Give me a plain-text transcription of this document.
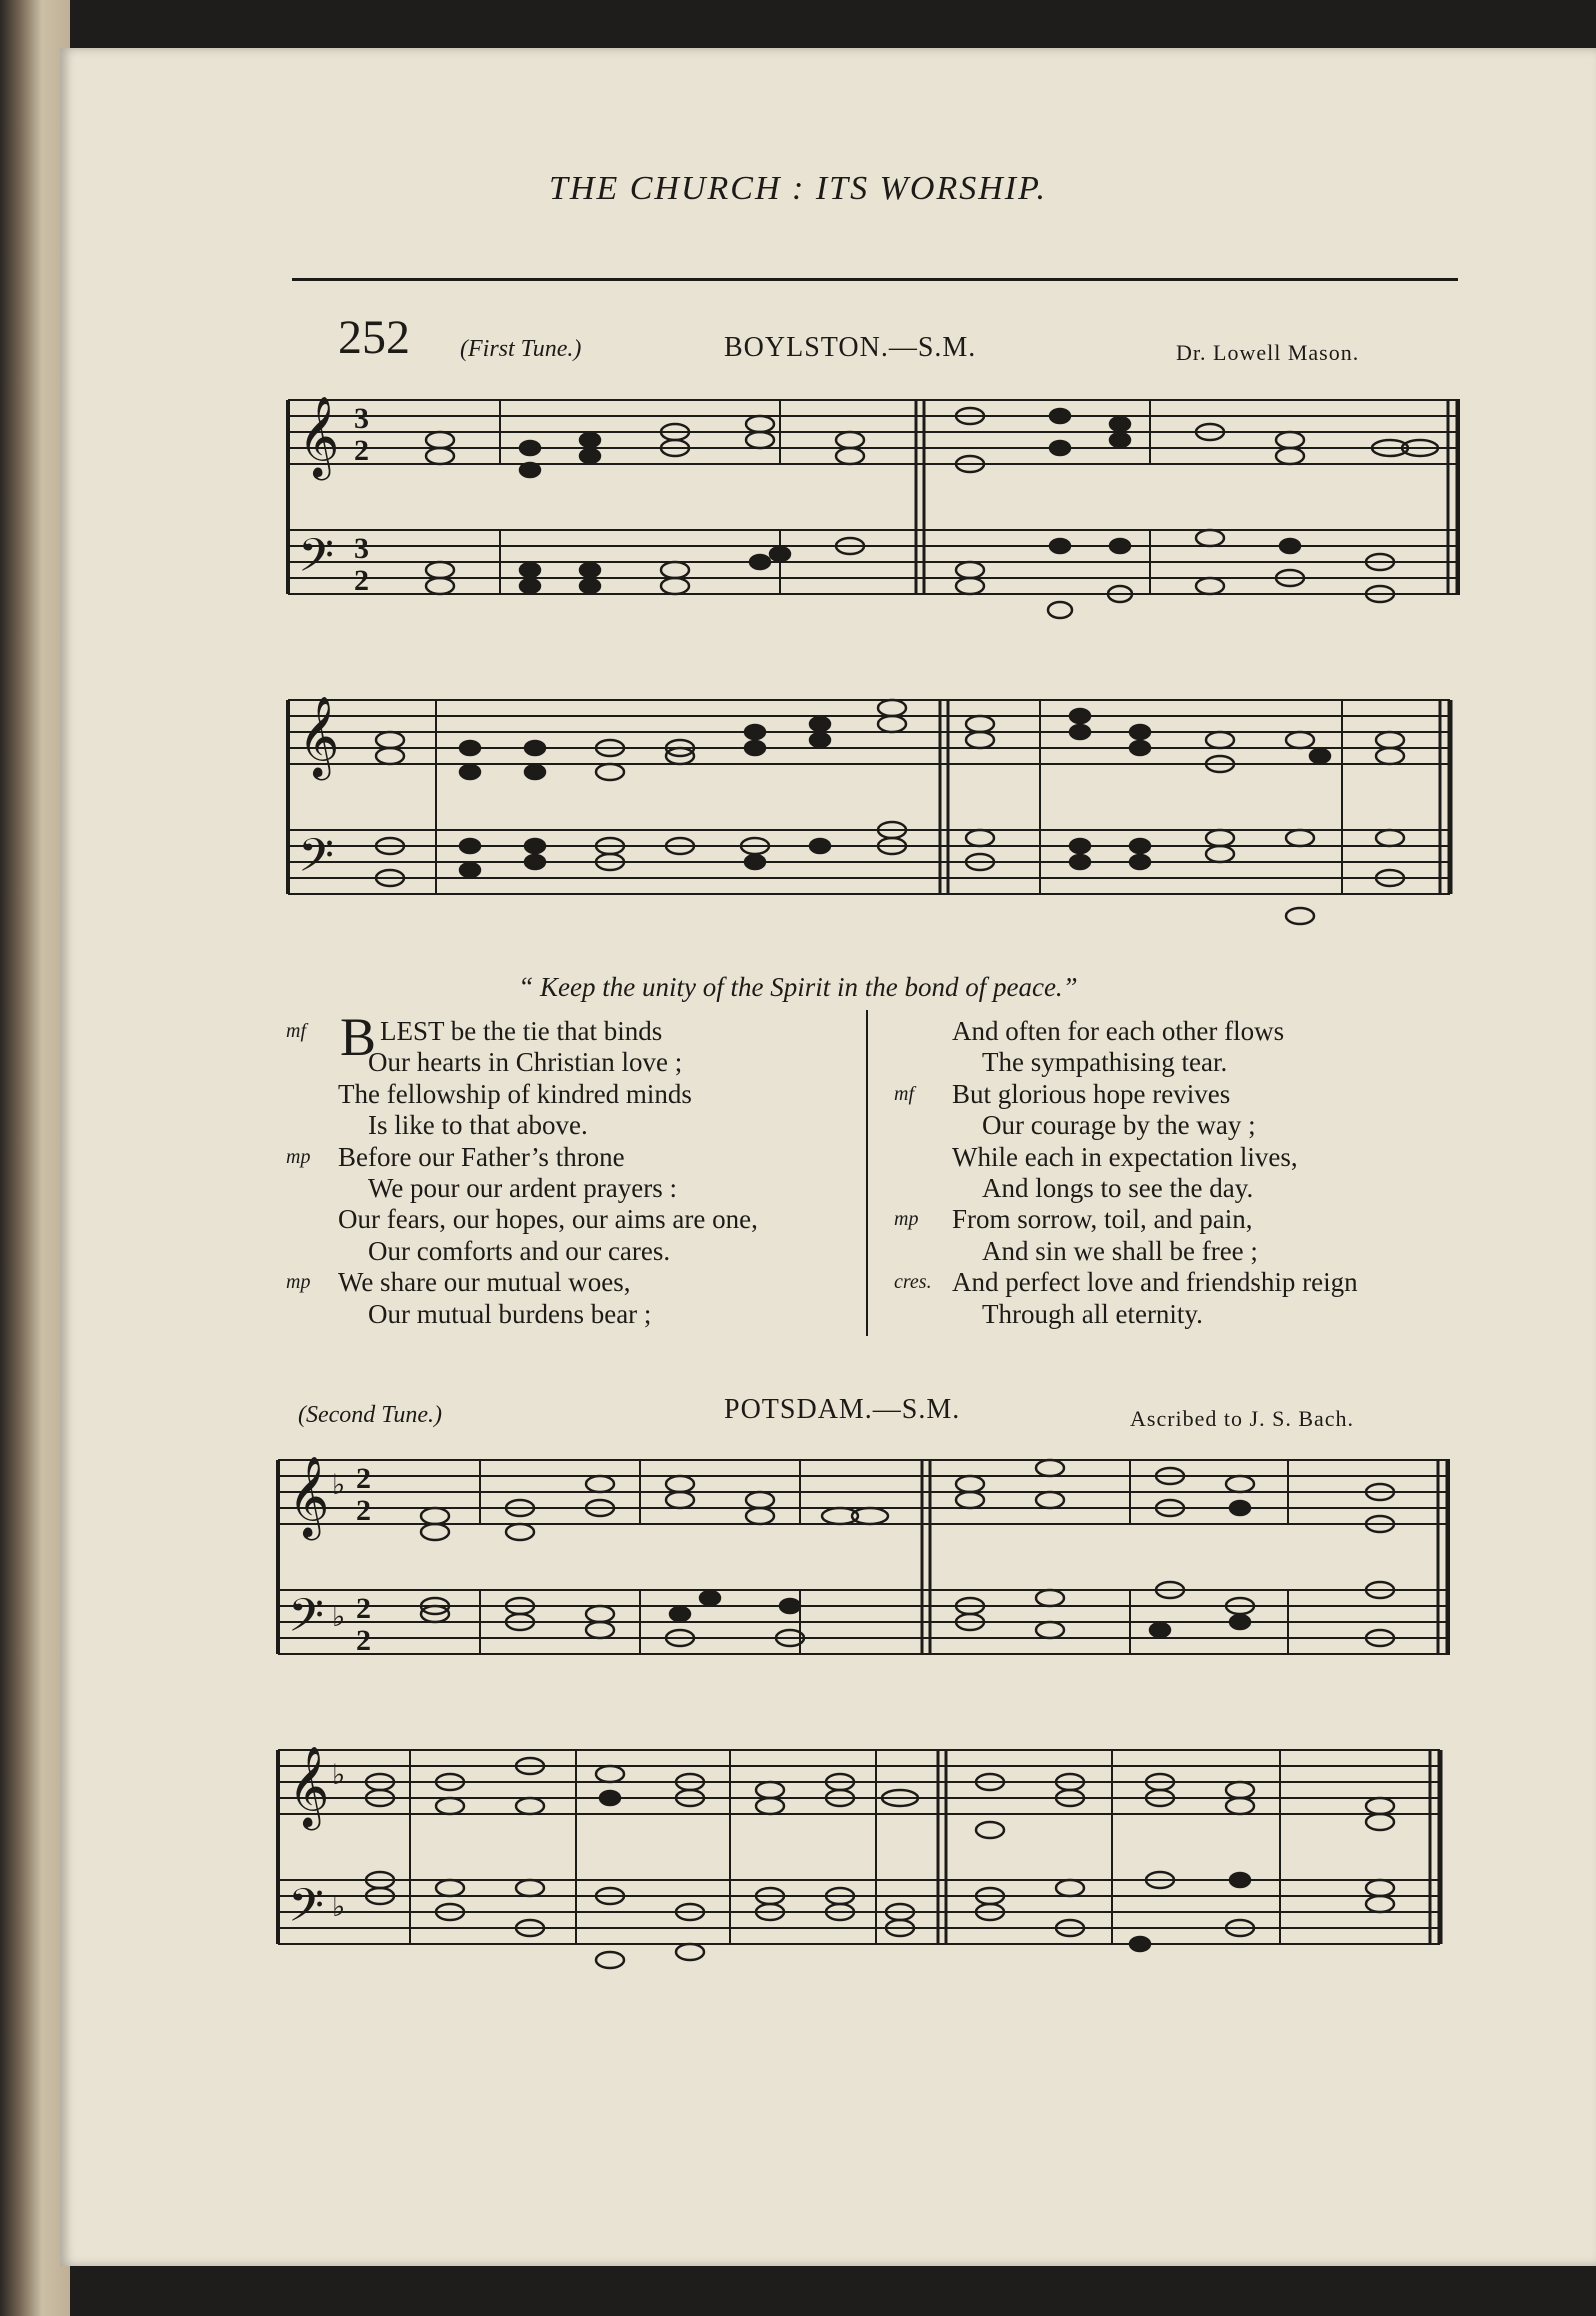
THE CHURCH : ITS WORSHIP.
252 (First Tune.)	BOYLSTON.—S.M.	Dr. Lowell Mason.
𝄞
𝄢
3
2
3
2
𝄞
𝄢
“ Keep the unity of the Spirit in the bond of peace.”
B
mf	LEST be the tie that binds
Our hearts in Christian love ;
The fellowship of kindred minds
Is like to that above.
mp Before our Father’s throne
We pour our ardent prayers :
Our fears, our hopes, our aims are one,
Our comforts and our cares.
mp We share our mutual woes,
Our mutual burdens bear ;
And often for each other flows
The sympathising tear.
mf But glorious hope revives
Our courage by the way ;
While each in expectation lives,
And longs to see the day.
mp From sorrow, toil, and pain,
And sin we shall be free ;
cres. And perfect love and friendship reign
Through all eternity.
(Second Tune.)	POTSDAM.—S.M.	Ascribed to J. S. Bach.
𝄞
𝄢
♭
♭
2
2
2
2
𝄞
𝄢
♭
♭
